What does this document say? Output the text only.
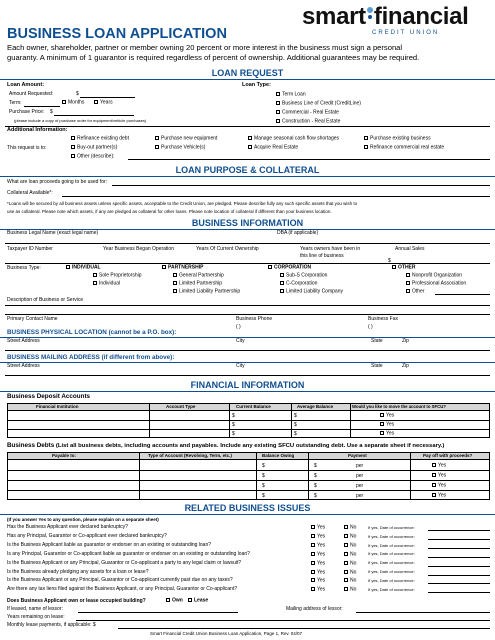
BUSINESS LOAN APPLICATION
smart financial
CREDIT UNION
Each owner, shareholder, partner or member owning 20 percent or more interest in the business must sign a personal
guaranty. A minimum of 1 guarantor is required regardless of percent of ownership. Additional guarantees may be required.
LOAN REQUEST
Loan Amount:
Amount Requested:	$
Term:	Months	Years
Purchase Price: $
(please include a copy of purchase order for equipment/vehicle purchases)
Loan Type:
Term Loan
Business Line of Credit (CreditLine)
Commercial - Real Estate
Construction - Real Estate
Additional Information:
This request is to:
Refinance existing debt	Purchase new equipment	Manage seasonal cash flow shortages	Purchase existing business
Buy-out partner(s)	Purchase Vehicle(s)	Acquire Real Estate	Refinance commercial real estate
Other (describe):
LOAN PURPOSE & COLLATERAL
What are loan proceeds going to be used for:
Collateral Available*:
*Loans will be secured by all business assets unless specific assets, acceptable to the Credit Union, are pledged. Please describe fully any such specific assets that you wish to
use as collateral. Please note which assets, if any are pledged as collateral for other loans. Please note location of collateral if different than your business location.
BUSINESS INFORMATION
Business Legal Name (exact legal name)	DBA (if applicable)
Taxpayer ID Number	Year Business Began Operation	Years Of Current Ownership	Years owners have been in
this line of business
Annual Sales
$
Business Type:	INDIVIDUAL
Sole Proprietorship
Individual
PARTNERSHIP
General Partnership
Limited Partnership
Limited Liability Partnership
CORPORATION
Sub-S Corporation
C-Corporation
Limited Liability Company
OTHER
Nonprofit Organization
Professional Association
Other
Description of Business or Service
Primary Contact Name	Business Phone
( )
Business Fax
( )
BUSINESS PHYSICAL LOCATION (cannot be a P.O. box):
Street Address	City	State	Zip
BUSINESS MAILING ADDRESS (if different from above):
Street Address	City	State	Zip
FINANCIAL INFORMATION
Business Deposit Accounts
Financial Institution	Account Type	Current Balance	Average Balance	Would you like to move the account to SFCU?
$	$	Yes
$	$	Yes
$	$	Yes
Business Debts (List all business debts, including accounts and payables. Include any existing SFCU outstanding debt. Use a separate sheet if necessary.)
Payable to:	Type of Account (Revolving, Term, etc.)	Balance Owing	Payment	Pay off with proceeds?
$	$	per	Yes
$	$	per	Yes
$	$	per	Yes
$	$	per	Yes
RELATED BUSINESS ISSUES
(If you answer Yes to any question, please explain on a separate sheet)
Has the Business Applicant ever declared bankruptcy?	Yes	No	If yes, Date of occurrence:
Has any Principal, Guarantor or Co-applicant ever declared bankruptcy?	Yes	No	If yes, Date of occurrence:
Is the Business Applicant liable as guarantor or endorser on an existing or outstanding loan?	Yes	No	If yes, Date of occurrence:
Is any Principal, Guarantor or Co-applicant liable as guarantor or endorser on an existing or outstanding loan?	Yes	No	If yes, Date of occurrence:
Is the Business Applicant or any Principal, Guarantor or Co-applicant a party to any legal claim or lawsuit?	Yes	No	If yes, Date of occurrence:
Is the Business already pledging any assets for a loan or lease?	Yes	No	If yes, Date of occurrence:
Is the Business Applicant or any Principal, Guarantor or Co-applicant currently past due on any taxes?	Yes	No	If yes, Date of occurrence:
Are there any tax liens filed against the Business Applicant, or any Principal, Guarantor or Co-applicant?	Yes	No	If yes, Date of occurrence:
Does Business Applicant own or lease occupied building?	Own	Lease
If leased, name of lessor:	Mailing address of lessor:
Years remaining on lease:
Monthly lease payments, if applicable: $
Smart Financial Credit Union Business Loan Application, Page 1, Rev. 04/07
